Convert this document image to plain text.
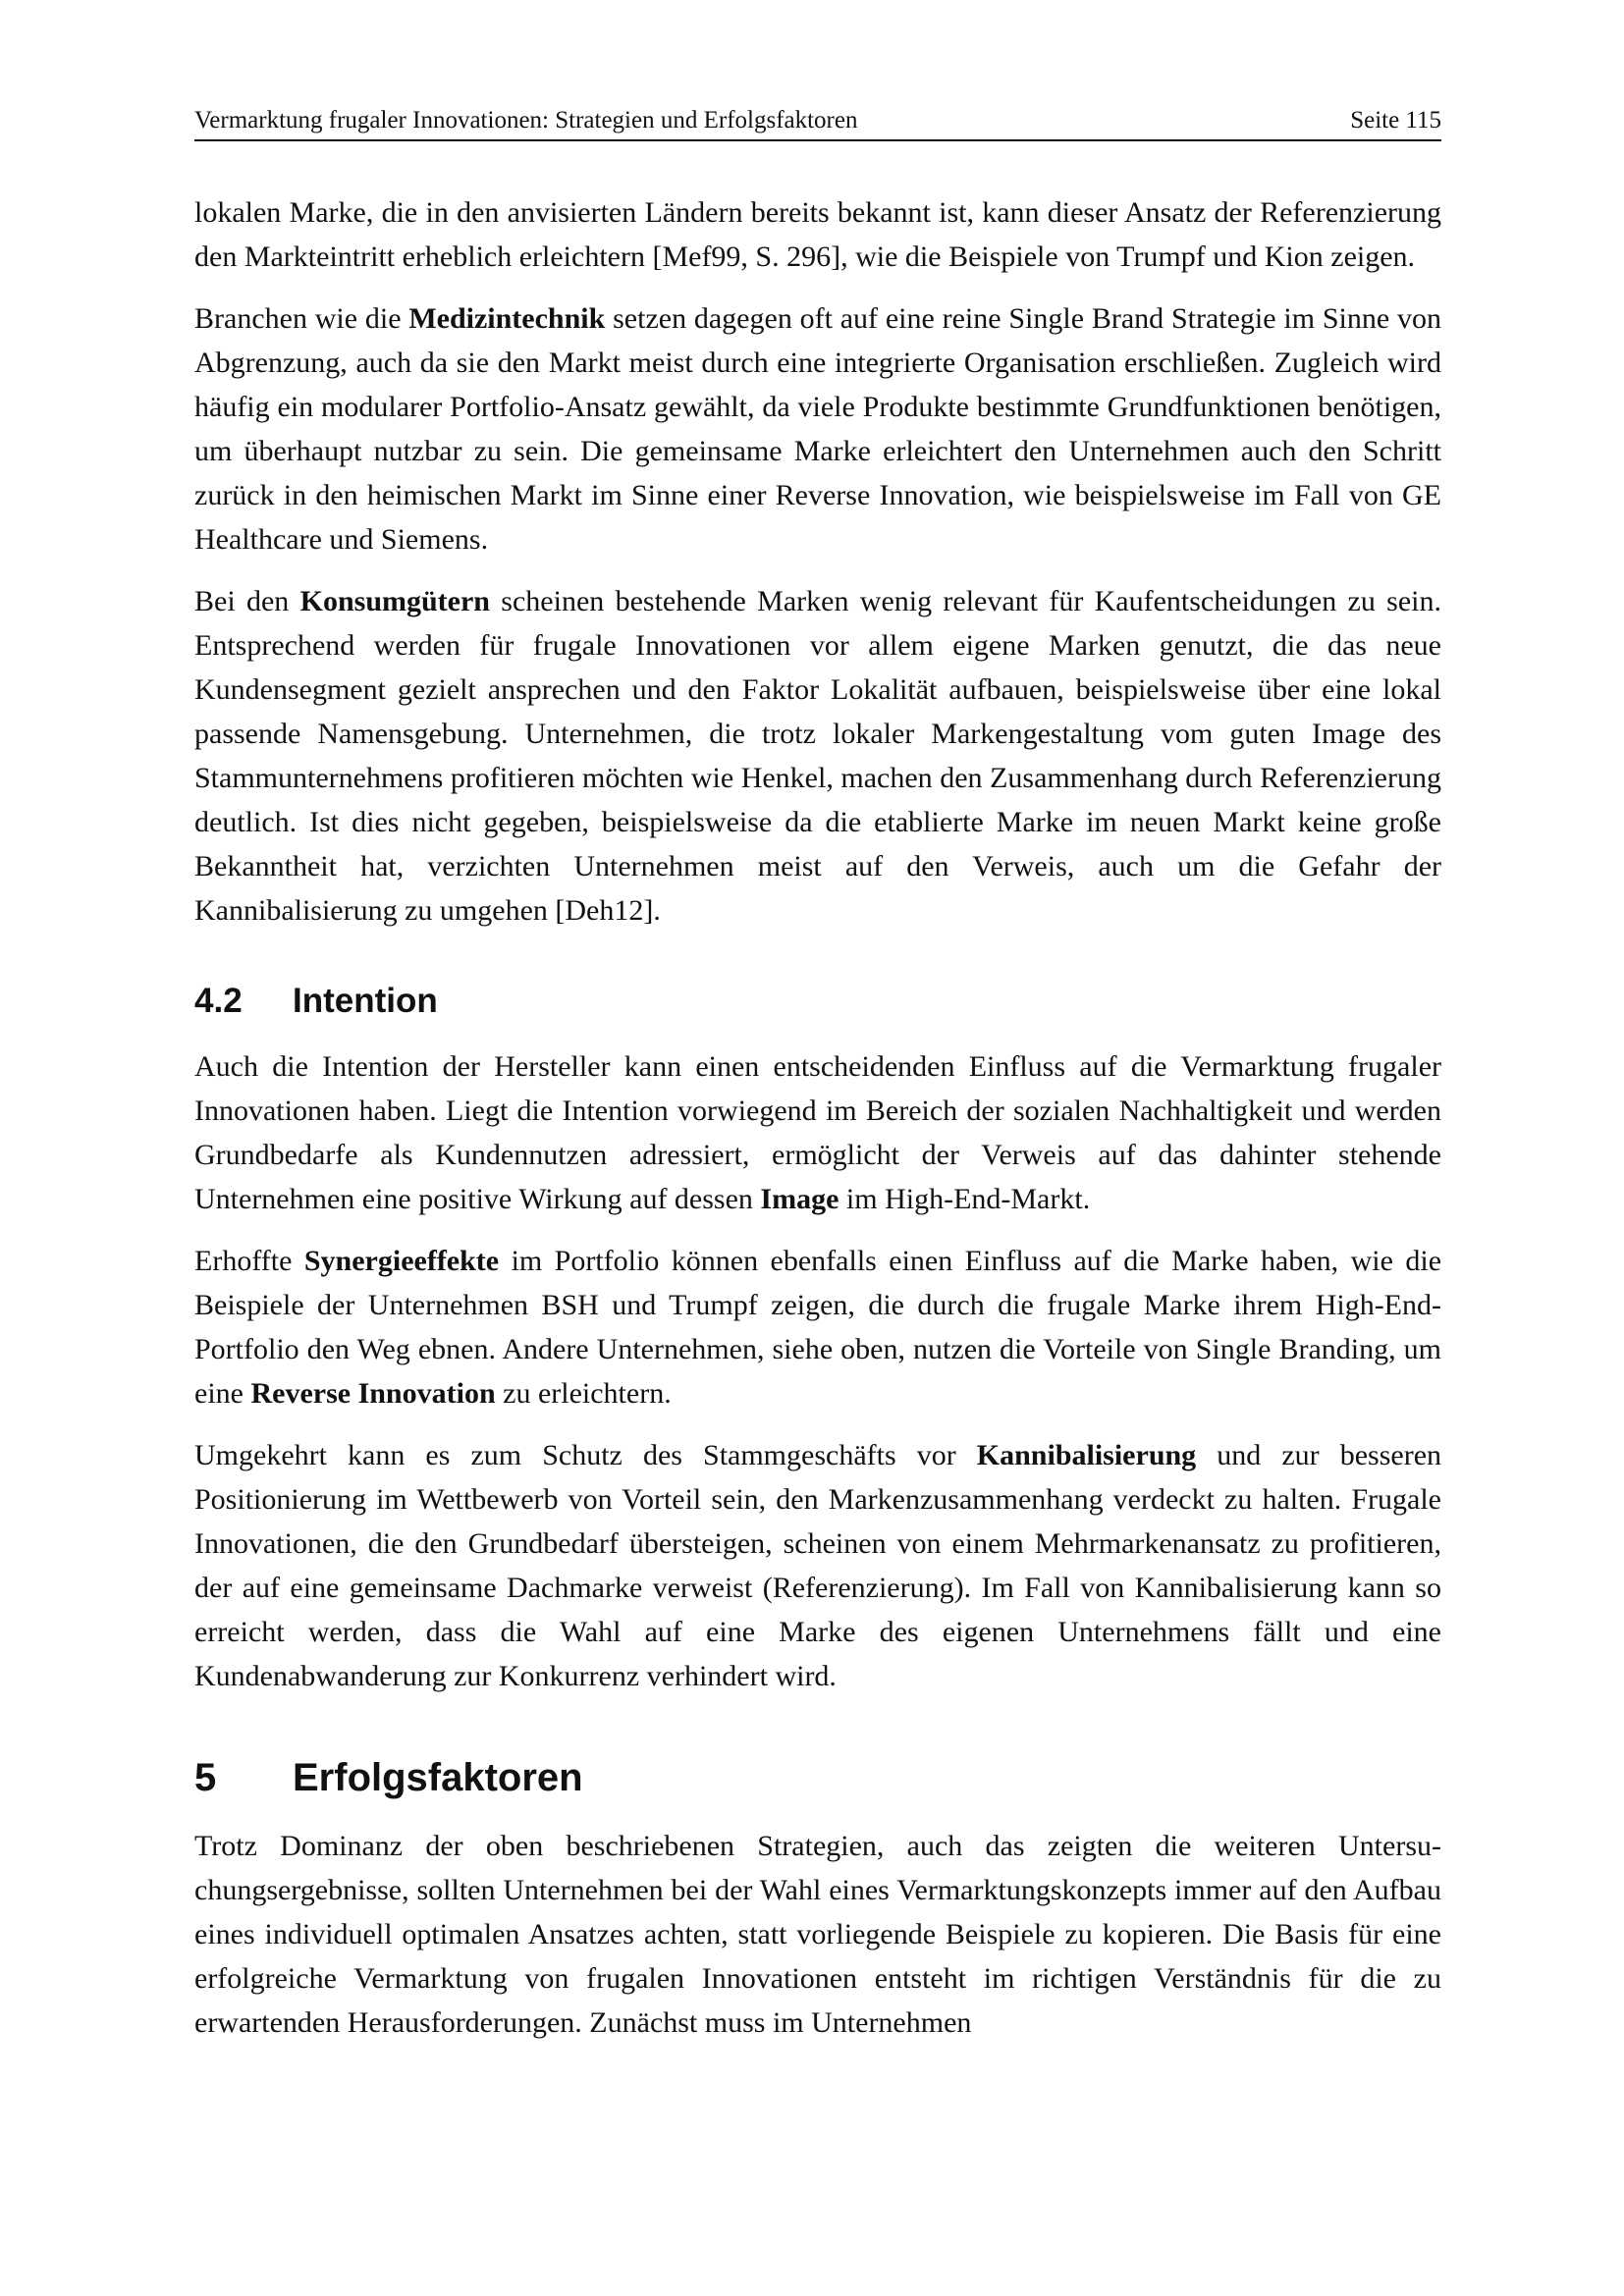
Vermarktung frugaler Innovationen: Strategien und Erfolgsfaktoren	Seite 115

lokalen Marke, die in den anvisierten Ländern bereits bekannt ist, kann dieser Ansatz der Referenzierung den Markteintritt erheblich erleichtern [Mef99, S. 296], wie die Beispiele von Trumpf und Kion zeigen.

Branchen wie die Medizintechnik setzen dagegen oft auf eine reine Single Brand Strategie im Sinne von Abgrenzung, auch da sie den Markt meist durch eine integrierte Organisation erschließen. Zugleich wird häufig ein modularer Portfolio-Ansatz gewählt, da viele Produkte bestimmte Grundfunktionen benötigen, um überhaupt nutzbar zu sein. Die gemeinsame Marke erleichtert den Unternehmen auch den Schritt zurück in den heimischen Markt im Sinne einer Reverse Innovation, wie beispielsweise im Fall von GE Healthcare und Siemens.

Bei den Konsumgütern scheinen bestehende Marken wenig relevant für Kaufentscheidungen zu sein. Entsprechend werden für frugale Innovationen vor allem eigene Marken genutzt, die das neue Kundensegment gezielt ansprechen und den Faktor Lokalität aufbauen, beispielsweise über eine lokal passende Namensgebung. Unternehmen, die trotz lokaler Markengestaltung vom guten Image des Stammunternehmens profitieren möchten wie Henkel, machen den Zusammenhang durch Referenzierung deutlich. Ist dies nicht gegeben, beispielsweise da die etablierte Marke im neuen Markt keine große Bekanntheit hat, verzichten Unternehmen meist auf den Verweis, auch um die Gefahr der Kannibalisierung zu umgehen [Deh12].

4.2	Intention

Auch die Intention der Hersteller kann einen entscheidenden Einfluss auf die Vermarktung frugaler Innovationen haben. Liegt die Intention vorwiegend im Bereich der sozialen Nachhaltigkeit und werden Grundbedarfe als Kundennutzen adressiert, ermöglicht der Verweis auf das dahinter stehende Unternehmen eine positive Wirkung auf dessen Image im High-End-Markt.

Erhoffte Synergieeffekte im Portfolio können ebenfalls einen Einfluss auf die Marke haben, wie die Beispiele der Unternehmen BSH und Trumpf zeigen, die durch die frugale Marke ihrem High-End-Portfolio den Weg ebnen. Andere Unternehmen, siehe oben, nutzen die Vorteile von Single Branding, um eine Reverse Innovation zu erleichtern.

Umgekehrt kann es zum Schutz des Stammgeschäfts vor Kannibalisierung und zur besseren Positionierung im Wettbewerb von Vorteil sein, den Markenzusammenhang verdeckt zu halten. Frugale Innovationen, die den Grundbedarf übersteigen, scheinen von einem Mehrmarkenansatz zu profitieren, der auf eine gemeinsame Dachmarke verweist (Referenzierung). Im Fall von Kannibalisierung kann so erreicht werden, dass die Wahl auf eine Marke des eigenen Unternehmens fällt und eine Kundenabwanderung zur Konkurrenz verhindert wird.

5	Erfolgsfaktoren

Trotz Dominanz der oben beschriebenen Strategien, auch das zeigten die weiteren Untersuchungsergebnisse, sollten Unternehmen bei der Wahl eines Vermarktungskonzepts immer auf den Aufbau eines individuell optimalen Ansatzes achten, statt vorliegende Beispiele zu kopieren. Die Basis für eine erfolgreiche Vermarktung von frugalen Innovationen entsteht im richtigen Verständnis für die zu erwartenden Herausforderungen. Zunächst muss im Unternehmen
